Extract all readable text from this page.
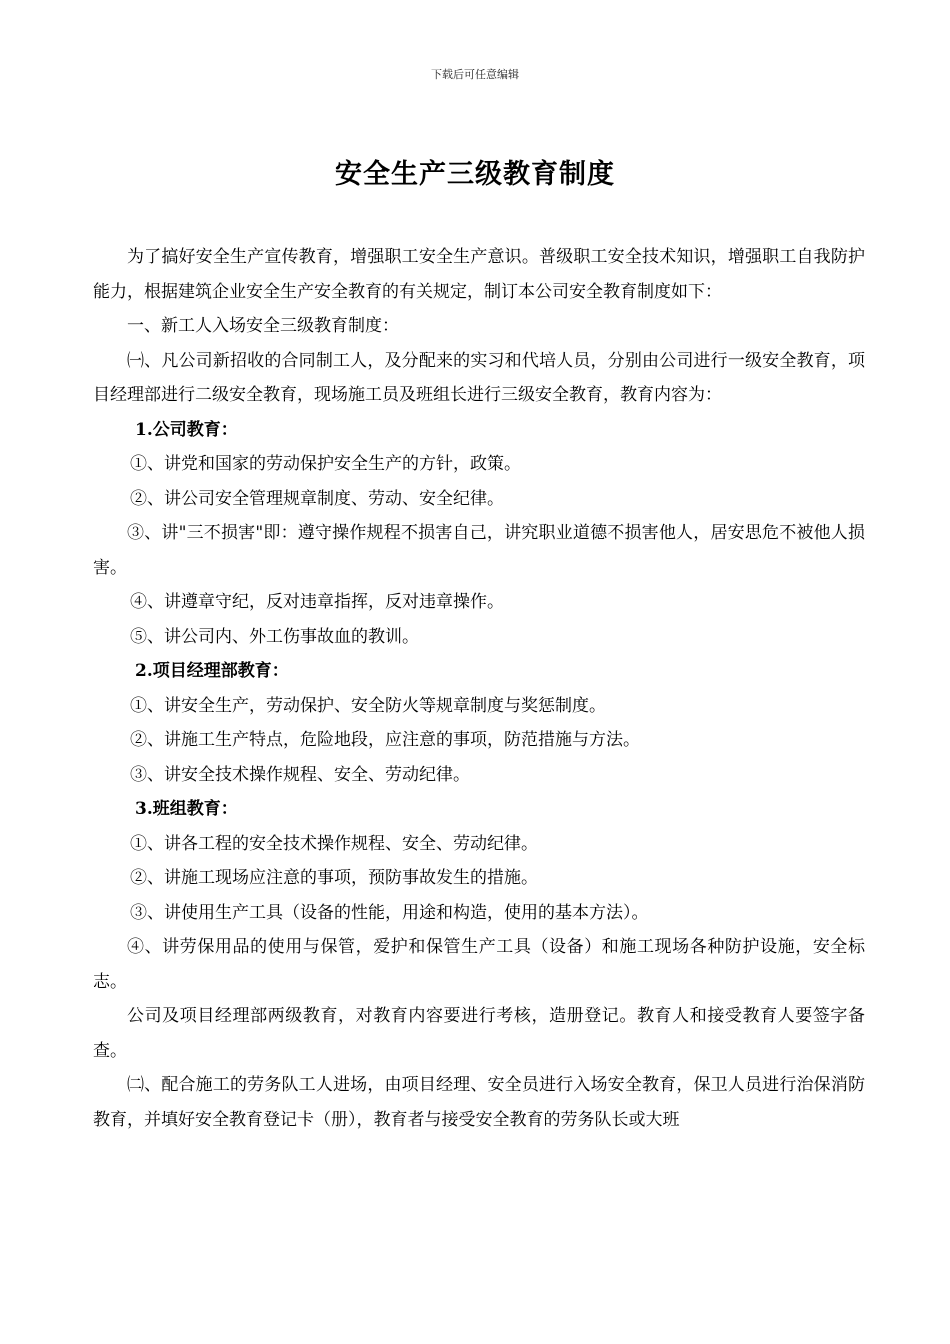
下载后可任意编辑
安全生产三级教育制度

为了搞好安全生产宣传教育，增强职工安全生产意识。普级职工安全技术知识，增强职工自我防护能力，根据建筑企业安全生产安全教育的有关规定，制订本公司安全教育制度如下：

一、新工人入场安全三级教育制度：

㈠、凡公司新招收的合同制工人，及分配来的实习和代培人员，分别由公司进行一级安全教育，项目经理部进行二级安全教育，现场施工员及班组长进行三级安全教育，教育内容为：

1.公司教育：

①、讲党和国家的劳动保护安全生产的方针，政策。

②、讲公司安全管理规章制度、劳动、安全纪律。

③、讲"三不损害"即：遵守操作规程不损害自己，讲究职业道德不损害他人，居安思危不被他人损害。

④、讲遵章守纪，反对违章指挥，反对违章操作。

⑤、讲公司内、外工伤事故血的教训。

2.项目经理部教育：

①、讲安全生产，劳动保护、安全防火等规章制度与奖惩制度。

②、讲施工生产特点，危险地段，应注意的事项，防范措施与方法。

③、讲安全技术操作规程、安全、劳动纪律。

3.班组教育：

①、讲各工程的安全技术操作规程、安全、劳动纪律。

②、讲施工现场应注意的事项，预防事故发生的措施。

③、讲使用生产工具（设备的性能，用途和构造，使用的基本方法）。

④、讲劳保用品的使用与保管，爱护和保管生产工具（设备）和施工现场各种防护设施，安全标志。

公司及项目经理部两级教育，对教育内容要进行考核，造册登记。教育人和接受教育人要签字备查。

㈡、配合施工的劳务队工人进场，由项目经理、安全员进行入场安全教育，保卫人员进行治保消防教育，并填好安全教育登记卡（册），教育者与接受安全教育的劳务队长或大班
